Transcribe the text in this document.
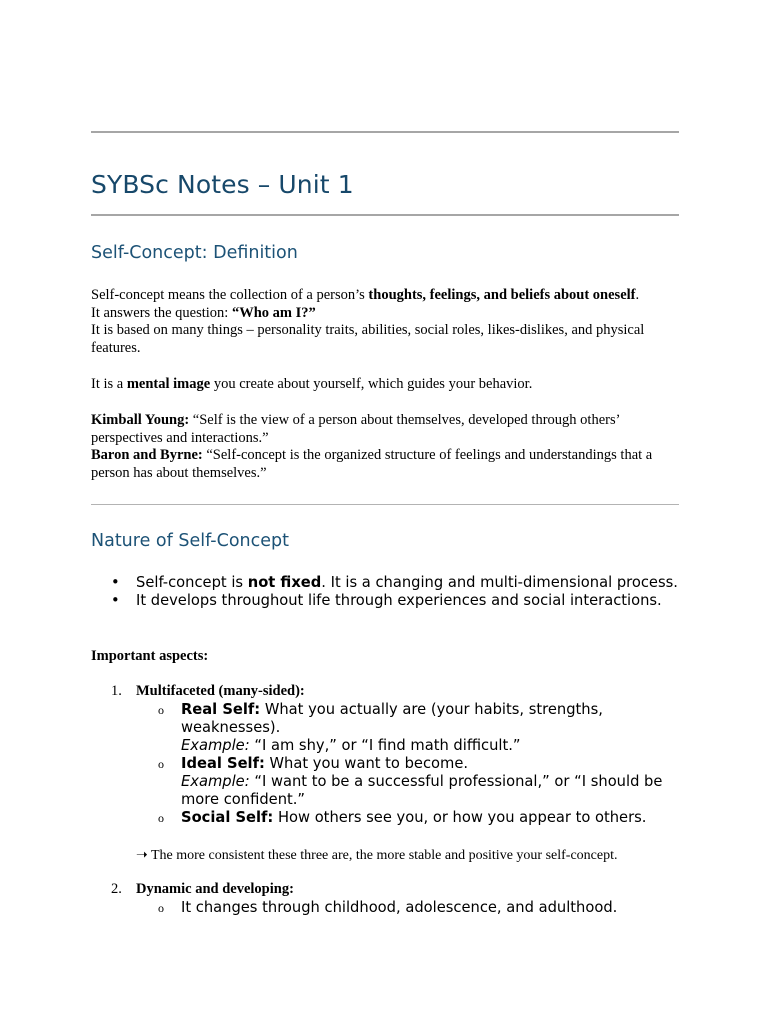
SYBSc Notes – Unit 1
Self-Concept: Definition

Self-concept means the collection of a person’s thoughts, feelings, and beliefs about oneself.

It answers the question: “Who am I?”

It is based on many things – personality traits, abilities, social roles, likes-dislikes, and physical features.

It is a mental image you create about yourself, which guides your behavior.

Kimball Young: “Self is the view of a person about themselves, developed through others’ perspectives and interactions.”

Baron and Byrne: “Self-concept is the organized structure of feelings and understandings that a person has about themselves.”

Nature of Self-Concept
• Self-concept is not fixed. It is a changing and multi-dimensional process.
• It develops throughout life through experiences and social interactions.

Important aspects:

1. Multifaceted (many-sided):

o Real Self: What you actually are (your habits, strengths, weaknesses).
Example: “I am shy,” or “I find math difficult.”
o Ideal Self: What you want to become.
Example: “I want to be a successful professional,” or “I should be more confident.”
o Social Self: How others see you, or how you appear to others.

➝ The more consistent these three are, the more stable and positive your self-concept.

2. Dynamic and developing:

o It changes through childhood, adolescence, and adulthood.
